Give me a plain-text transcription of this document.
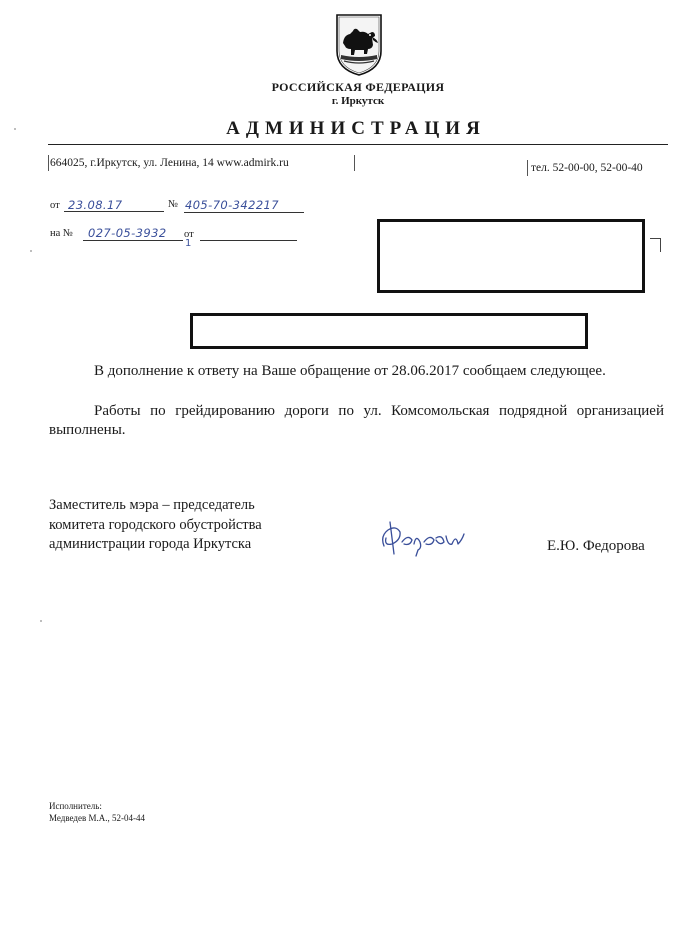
РОССИЙСКАЯ ФЕДЕРАЦИЯ
г. Иркутск
АДМИНИСТРАЦИЯ
664025, г.Иркутск, ул. Ленина, 14 www.admirk.ru	тел. 52-00-00, 52-00-40
от 23.08.17	№ 405-70-342217
на № 027-05-3932 от
1
В дополнение к ответу на Ваше обращение от 28.06.2017 сообщаем следующее.
Работы по грейдированию дороги по ул. Комсомольская подрядной организацией выполнены.
Заместитель мэра – председатель
комитета городского обустройства
администрации города Иркутска	Е.Ю. Федорова
Исполнитель:
Медведев М.А., 52-04-44
